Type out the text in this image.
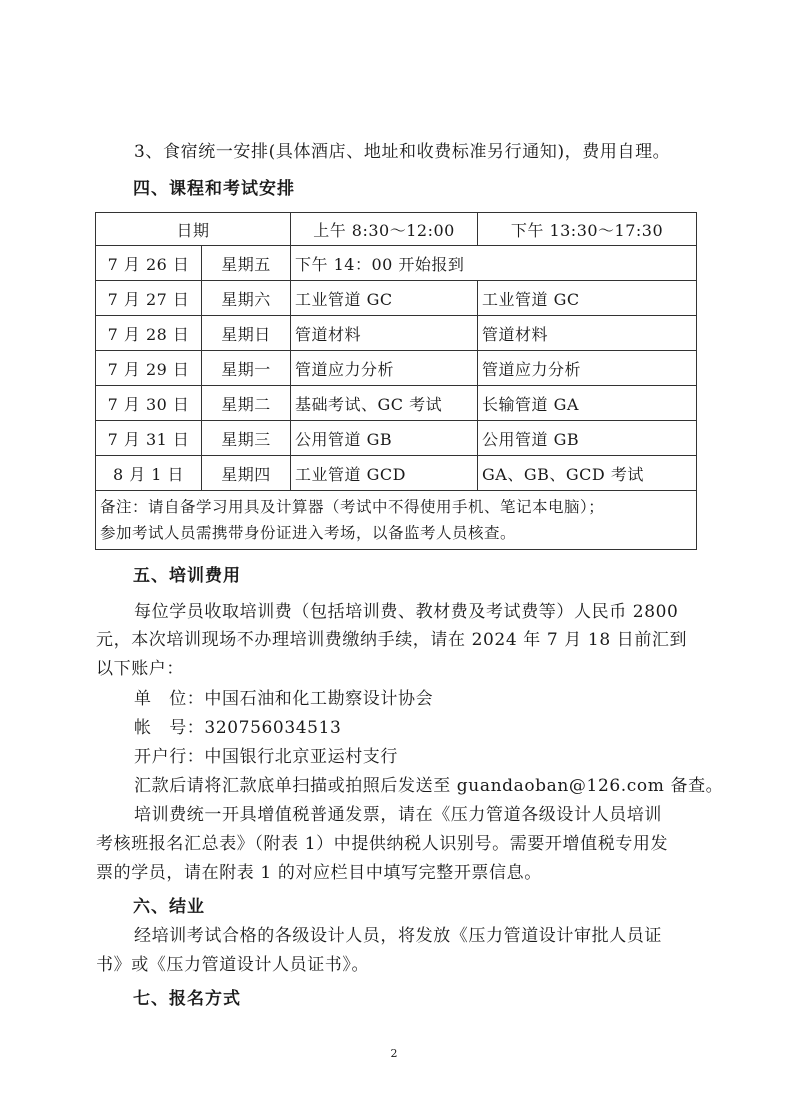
3、食宿统一安排(具体酒店、地址和收费标准另行通知)，费用自理。
四、课程和考试安排
日期		上午 8:30～12:00	下午 13:30～17:30
7 月 26 日	星期五	下午 14：00 开始报到	
7 月 27 日	星期六	工业管道 GC	工业管道 GC
7 月 28 日	星期日	管道材料	管道材料
7 月 29 日	星期一	管道应力分析	管道应力分析
7 月 30 日	星期二	基础考试、GC 考试	长输管道 GA
7 月 31 日	星期三	公用管道 GB	公用管道 GB
8 月 1 日	星期四	工业管道 GCD	GA、GB、GCD 考试

备注：请自备学习用具及计算器（考试中不得使用手机、笔记本电脑）；
参加考试人员需携带身份证进入考场，以备监考人员核查。			
五、培训费用
每位学员收取培训费（包括培训费、教材费及考试费等）人民币 2800
元，本次培训现场不办理培训费缴纳手续，请在 2024 年 7 月 18 日前汇到
以下账户：
单　位：中国石油和化工勘察设计协会
帐　号：320756034513
开户行：中国银行北京亚运村支行
汇款后请将汇款底单扫描或拍照后发送至 guandaoban@126.com 备查。
培训费统一开具增值税普通发票，请在《压力管道各级设计人员培训
考核班报名汇总表》（附表 1）中提供纳税人识别号。需要开增值税专用发
票的学员，请在附表 1 的对应栏目中填写完整开票信息。
六、结业
经培训考试合格的各级设计人员，将发放《压力管道设计审批人员证
书》或《压力管道设计人员证书》。
七、报名方式
2
